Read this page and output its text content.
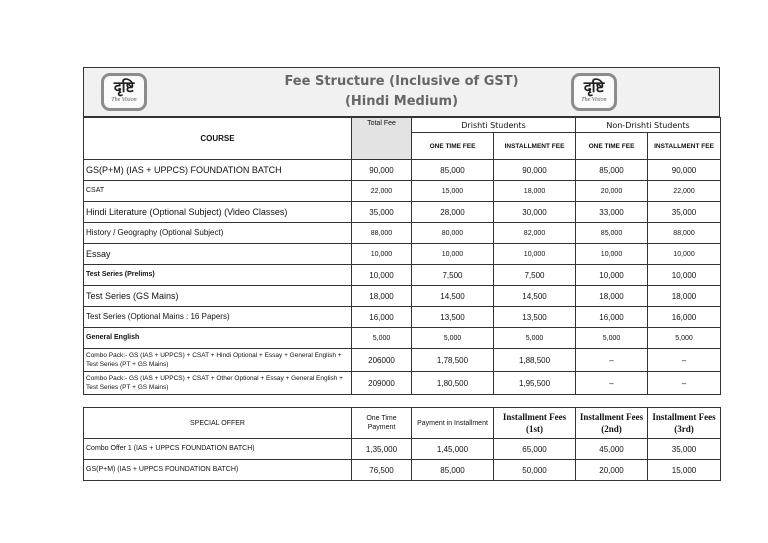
दृष्टि
The Vision
Fee Structure (Inclusive of GST)
(Hindi Medium)
दृष्टि
The Vision
COURSE	Total Fee	Drishti Students		Non-Drishti Students	
		ONE TIME FEE	INSTALLMENT FEE	ONE TIME FEE	INSTALLMENT FEE
GS(P+M) (IAS + UPPCS) FOUNDATION BATCH	90,000	85,000	90,000	85,000	90,000
CSAT	22,000	15,000	18,000	20,000	22,000
Hindi Literature (Optional Subject) (Video Classes)	35,000	28,000	30,000	33,000	35,000
History / Geography (Optional Subject)	88,000	80,000	82,000	85,000	88,000
Essay	10,000	10,000	10,000	10,000	10,000
Test Series (Prelims)	10,000	7,500	7,500	10,000	10,000
Test Series (GS Mains)	18,000	14,500	14,500	18,000	18,000
Test Series (Optional Mains : 16 Papers)	16,000	13,500	13,500	16,000	16,000
General English	5,000	5,000	5,000	5,000	5,000
Combo Pack:- GS (IAS + UPPCS) + CSAT + Hindi Optional + Essay + General English + Test Series (PT + GS Mains)	206000	1,78,500	1,88,500	–	–
Combo Pack:- GS (IAS + UPPCS) + CSAT + Other Optional + Essay + General English + Test Series (PT + GS Mains)	209000	1,80,500	1,95,500	–	–
SPECIAL OFFER	One Time Payment	Payment in Installment	Installment Fees (1st)	Installment Fees (2nd)	Installment Fees (3rd)
Combo Offer 1 (IAS + UPPCS FOUNDATION BATCH)	1,35,000	1,45,000	65,000	45,000	35,000
GS(P+M) (IAS + UPPCS FOUNDATION BATCH)	76,500	85,000	50,000	20,000	15,000
